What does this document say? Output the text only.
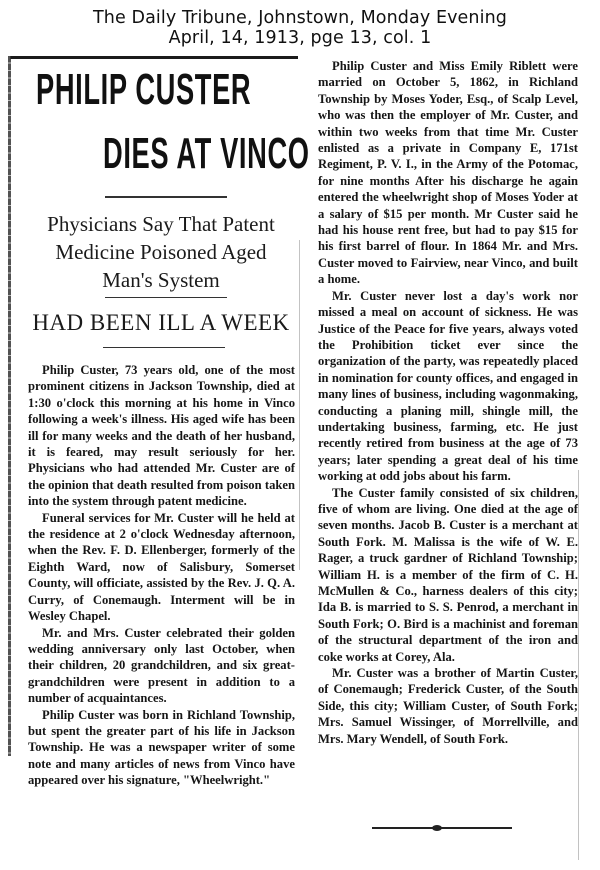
The Daily Tribune, Johnstown, Monday Evening
April, 14, 1913, pge 13, col. 1
PHILIP CUSTER
DIES AT VINCO
Physicians Say That Patent
Medicine Poisoned Aged
Man's System
HAD BEEN ILL A WEEK

Philip Custer, 73 years old, one of the most prominent citizens in Jackson Township, died at 1:30 o'clock this morning at his home in Vinco following a week's illness. His aged wife has been ill for many weeks and the death of her husband, it is feared, may result seriously for her. Physicians who had attended Mr. Custer are of the opinion that death resulted from poison taken into the system through patent medicine.

Funeral services for Mr. Custer will he held at the residence at 2 o'clock Wednesday afternoon, when the Rev. F. D. Ellenberger, formerly of the Eighth Ward, now of Salisbury, Somerset County, will officiate, assisted by the Rev. J. Q. A. Curry, of Conemaugh. Interment will be in Wesley Chapel.

Mr. and Mrs. Custer celebrated their golden wedding anniversary only last October, when their children, 20 grandchildren, and six great-grandchildren were present in addition to a number of acquaintances.

Philip Custer was born in Richland Township, but spent the greater part of his life in Jackson Township. He was a newspaper writer of some note and many articles of news from Vinco have appeared over his signature, "Wheelwright."

Philip Custer and Miss Emily Riblett were married on October 5, 1862, in Richland Township by Moses Yoder, Esq., of Scalp Level, who was then the employer of Mr. Custer, and within two weeks from that time Mr. Custer enlisted as a private in Company E, 171st Regiment, P. V. I., in the Army of the Potomac, for nine months After his discharge he again entered the wheelwright shop of Moses Yoder at a salary of $15 per month. Mr Custer said he had his house rent free, but had to pay $15 for his first barrel of flour. In 1864 Mr. and Mrs. Custer moved to Fairview, near Vinco, and built a home.

Mr. Custer never lost a day's work nor missed a meal on account of sickness. He was Justice of the Peace for five years, always voted the Prohibition ticket ever since the organization of the party, was repeatedly placed in nomination for county offices, and engaged in many lines of business, including wagonmaking, conducting a planing mill, shingle mill, the undertaking business, farming, etc. He just recently retired from business at the age of 73 years; later spending a great deal of his time working at odd jobs about his farm.

The Custer family consisted of six children, five of whom are living. One died at the age of seven months. Jacob B. Custer is a merchant at South Fork. M. Malissa is the wife of W. E. Rager, a truck gardner of Richland Township; William H. is a member of the firm of C. H. McMullen & Co., harness dealers of this city; Ida B. is married to S. S. Penrod, a merchant in South Fork; O. Bird is a machinist and foreman of the structural department of the iron and coke works at Corey, Ala.

Mr. Custer was a brother of Martin Custer, of Conemaugh; Frederick Custer, of the South Side, this city; William Custer, of South Fork; Mrs. Samuel Wissinger, of Morrellville, and Mrs. Mary Wendell, of South Fork.
